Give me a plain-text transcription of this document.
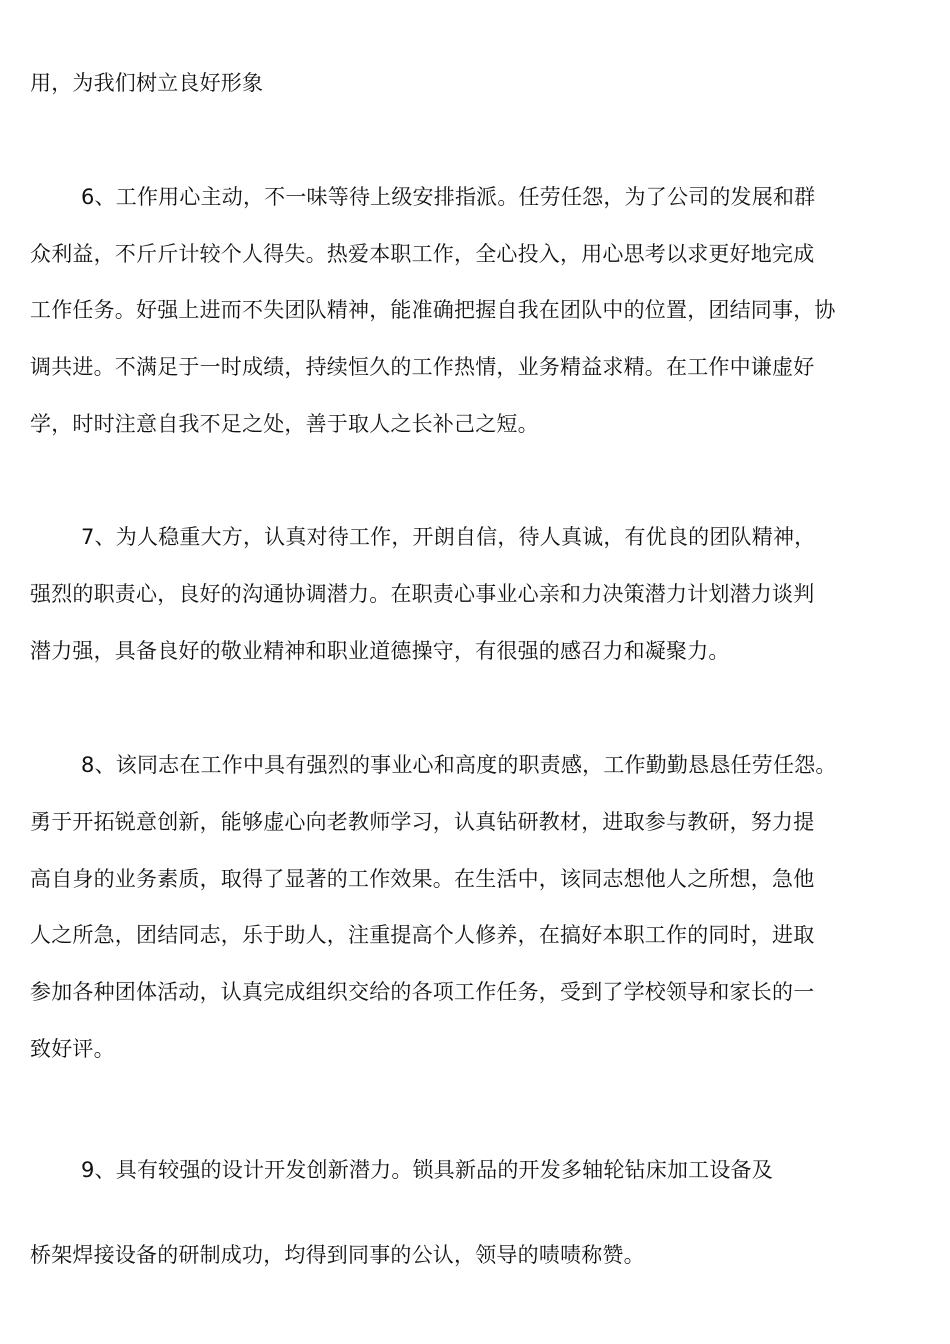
用，为我们树立良好形象
6、工作用心主动，不一味等待上级安排指派。任劳任怨，为了公司的发展和群
众利益，不斤斤计较个人得失。热爱本职工作，全心投入，用心思考以求更好地完成
工作任务。好强上进而不失团队精神，能准确把握自我在团队中的位置，团结同事，协
调共进。不满足于一时成绩，持续恒久的工作热情，业务精益求精。在工作中谦虚好
学，时时注意自我不足之处，善于取人之长补己之短。
7、为人稳重大方，认真对待工作，开朗自信，待人真诚，有优良的团队精神，
强烈的职责心，良好的沟通协调潜力。在职责心事业心亲和力决策潜力计划潜力谈判
潜力强，具备良好的敬业精神和职业道德操守，有很强的感召力和凝聚力。
8、该同志在工作中具有强烈的事业心和高度的职责感，工作勤勤恳恳任劳任怨。
勇于开拓锐意创新，能够虚心向老教师学习，认真钻研教材，进取参与教研，努力提
高自身的业务素质，取得了显著的工作效果。在生活中，该同志想他人之所想，急他
人之所急，团结同志，乐于助人，注重提高个人修养，在搞好本职工作的同时，进取
参加各种团体活动，认真完成组织交给的各项工作任务，受到了学校领导和家长的一
致好评。
9、具有较强的设计开发创新潜力。锁具新品的开发多轴轮钻床加工设备及
桥架焊接设备的研制成功，均得到同事的公认，领导的啧啧称赞。
